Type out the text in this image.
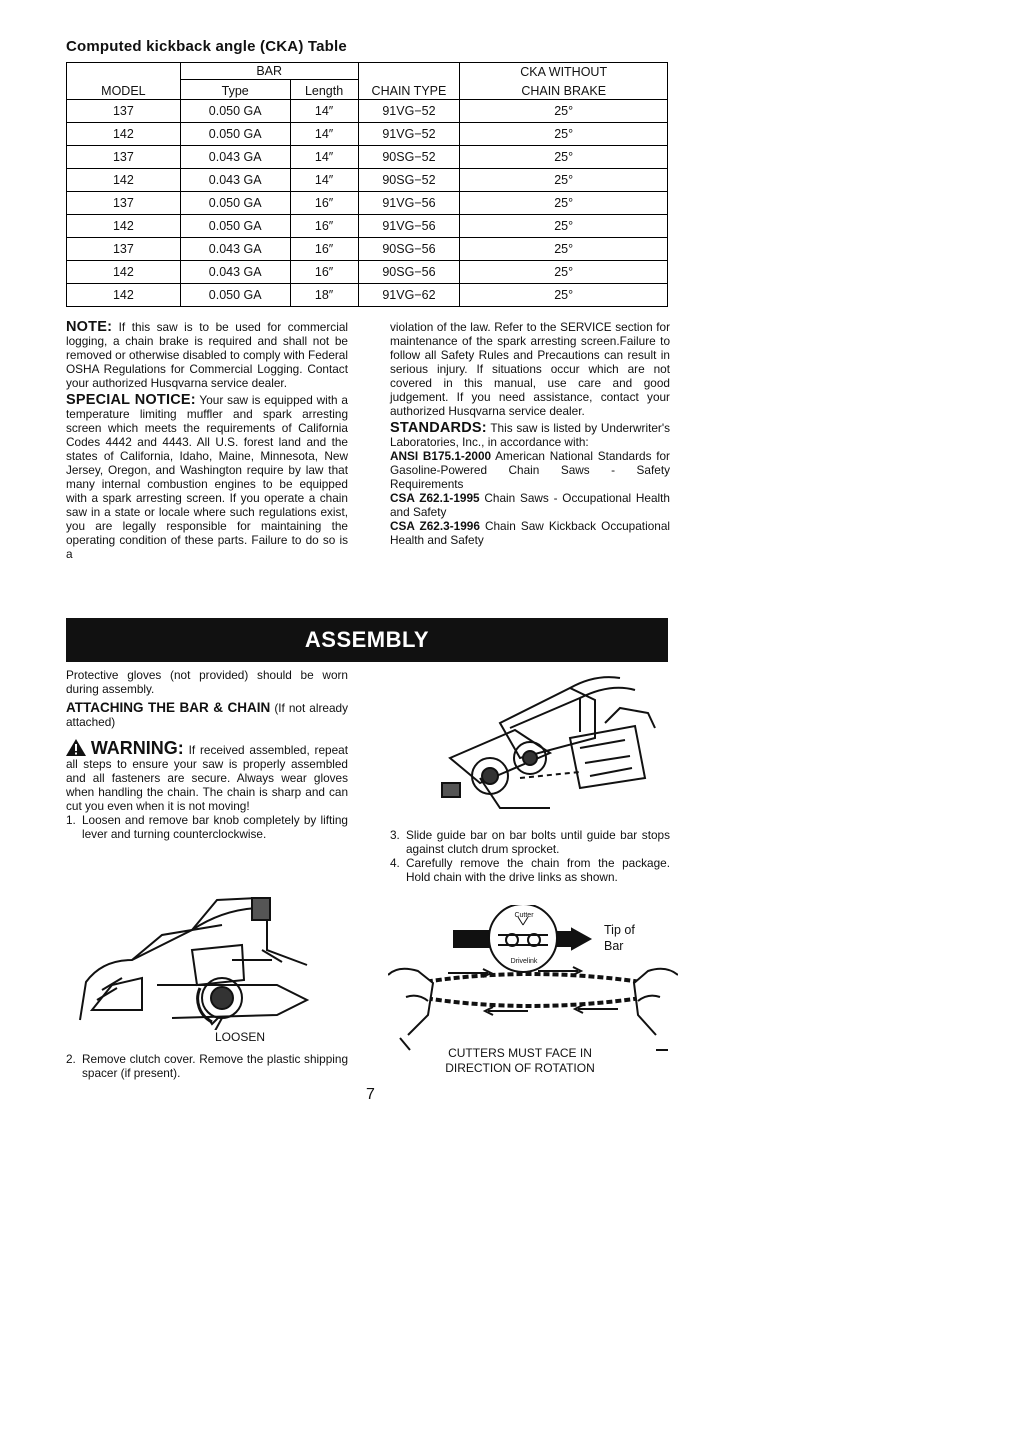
Computed kickback angle (CKA) Table
	BAR			CKA WITHOUT
MODEL	Type	Length	CHAIN TYPE	CHAIN BRAKE
137	0.050 GA	14″	91VG−52	25°
142	0.050 GA	14″	91VG−52	25°
137	0.043 GA	14″	90SG−52	25°
142	0.043 GA	14″	90SG−52	25°
137	0.050 GA	16″	91VG−56	25°
142	0.050 GA	16″	91VG−56	25°
137	0.043 GA	16″	90SG−56	25°
142	0.043 GA	16″	90SG−56	25°
142	0.050 GA	18″	91VG−62	25°

NOTE: If this saw is to be used for commercial logging, a chain brake is required and shall not be removed or otherwise disabled to comply with Federal OSHA Regulations for Commercial Logging. Contact your authorized Husqvarna service dealer.

SPECIAL NOTICE: Your saw is equipped with a temperature limiting muffler and spark arresting screen which meets the requirements of California Codes 4442 and 4443. All U.S. forest land and the states of California, Idaho, Maine, Minnesota, New Jersey, Oregon, and Washington require by law that many internal combustion engines to be equipped with a spark arresting screen. If you operate a chain saw in a state or locale where such regulations exist, you are legally responsible for maintaining the operating condition of these parts. Failure to do so is a

violation of the law. Refer to the SERVICE section for maintenance of the spark arresting screen.Failure to follow all Safety Rules and Precautions can result in serious injury. If situations occur which are not covered in this manual, use care and good judgement. If you need assistance, contact your authorized Husqvarna service dealer.

STANDARDS: This saw is listed by Underwriter's Laboratories, Inc., in accordance with:

ANSI B175.1-2000 American National Standards for Gasoline-Powered Chain Saws - Safety Requirements

CSA Z62.1-1995 Chain Saws - Occupational Health and Safety

CSA Z62.3-1996 Chain Saw Kickback Occupational Health and Safety

ASSEMBLY

Protective gloves (not provided) should be worn during assembly.

ATTACHING THE BAR & CHAIN (If not already attached)

WARNING: If received assembled, repeat all steps to ensure your saw is properly assembled and all fasteners are secure. Always wear gloves when handling the chain. The chain is sharp and can cut you even when it is not moving!

1. Loosen and remove bar knob completely by lifting lever and turning counterclockwise.
LOOSEN
2. Remove clutch cover. Remove the plastic shipping spacer (if present).
3. Slide guide bar on bar bolts until guide bar stops against clutch drum sprocket.
4. Carefully remove the chain from the package. Hold chain with the drive links as shown.
Cutter
Drivelink
Tip of
Bar
CUTTERS MUST FACE IN
DIRECTION OF ROTATION
7
